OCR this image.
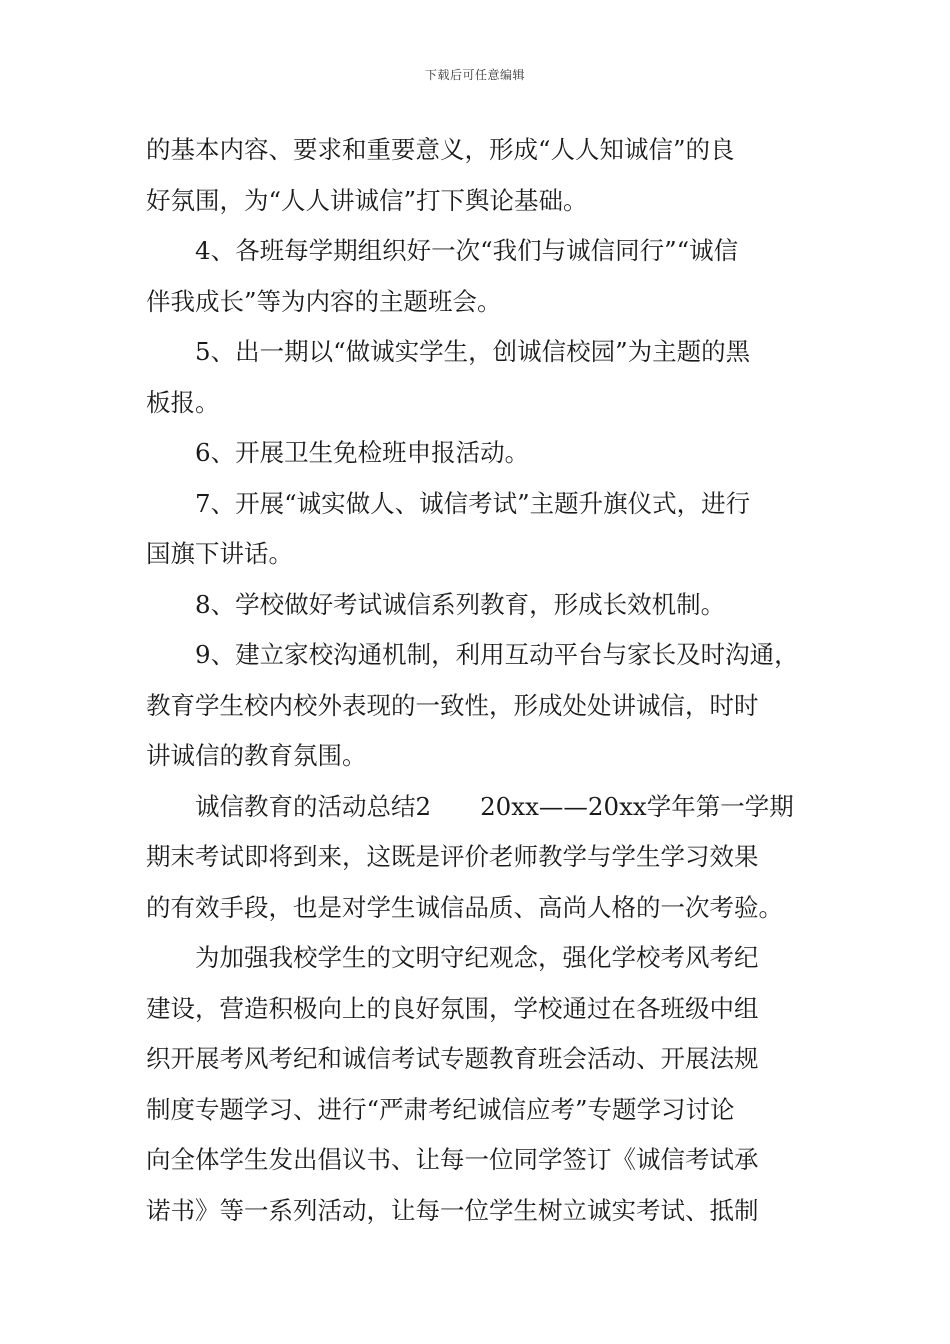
下载后可任意编辑
的基本内容、要求和重要意义，形成“人人知诚信”的良
好氛围，为“人人讲诚信”打下舆论基础。
4、各班每学期组织好一次“我们与诚信同行”“诚信
伴我成长”等为内容的主题班会。
5、出一期以“做诚实学生，创诚信校园”为主题的黑
板报。
6、开展卫生免检班申报活动。
7、开展“诚实做人、诚信考试”主题升旗仪式，进行
国旗下讲话。
8、学校做好考试诚信系列教育，形成长效机制。
9、建立家校沟通机制，利用互动平台与家长及时沟通，
教育学生校内校外表现的一致性，形成处处讲诚信，时时
讲诚信的教育氛围。
诚信教育的活动总结2　　20xx——20xx学年第一学期
期末考试即将到来，这既是评价老师教学与学生学习效果
的有效手段，也是对学生诚信品质、高尚人格的一次考验。
为加强我校学生的文明守纪观念，强化学校考风考纪
建设，营造积极向上的良好氛围，学校通过在各班级中组
织开展考风考纪和诚信考试专题教育班会活动、开展法规
制度专题学习、进行“严肃考纪诚信应考”专题学习讨论
向全体学生发出倡议书、让每一位同学签订《诚信考试承
诺书》等一系列活动，让每一位学生树立诚实考试、抵制
